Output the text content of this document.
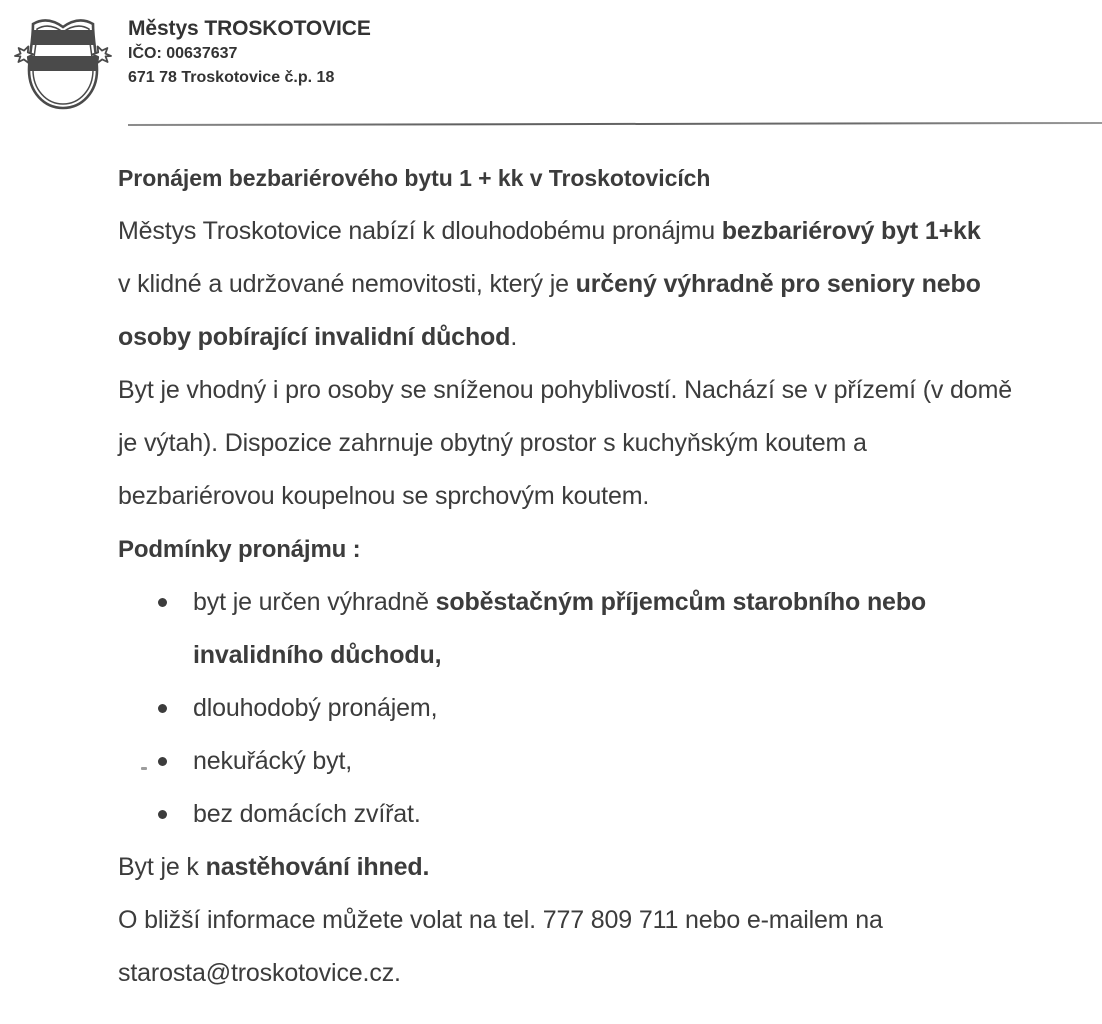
Městys TROSKOTOVICE
IČO: 00637637
671 78 Troskotovice č.p. 18
Pronájem bezbariérového bytu 1 + kk v Troskotovicích
Městys Troskotovice nabízí k dlouhodobému pronájmu bezbariérový byt 1+kk
v klidné a udržované nemovitosti, který je určený výhradně pro seniory nebo
osoby pobírající invalidní důchod.
Byt je vhodný i pro osoby se sníženou pohyblivostí. Nachází se v přízemí (v domě
je výtah). Dispozice zahrnuje obytný prostor s kuchyňským koutem a
bezbariérovou koupelnou se sprchovým koutem.
Podmínky pronájmu :
byt je určen výhradně soběstačným příjemcům starobního nebo
invalidního důchodu,
dlouhodobý pronájem,
nekuřácký byt,
bez domácích zvířat.
Byt je k nastěhování ihned.
O bližší informace můžete volat na tel. 777 809 711 nebo e-mailem na
starosta@troskotovice.cz.
